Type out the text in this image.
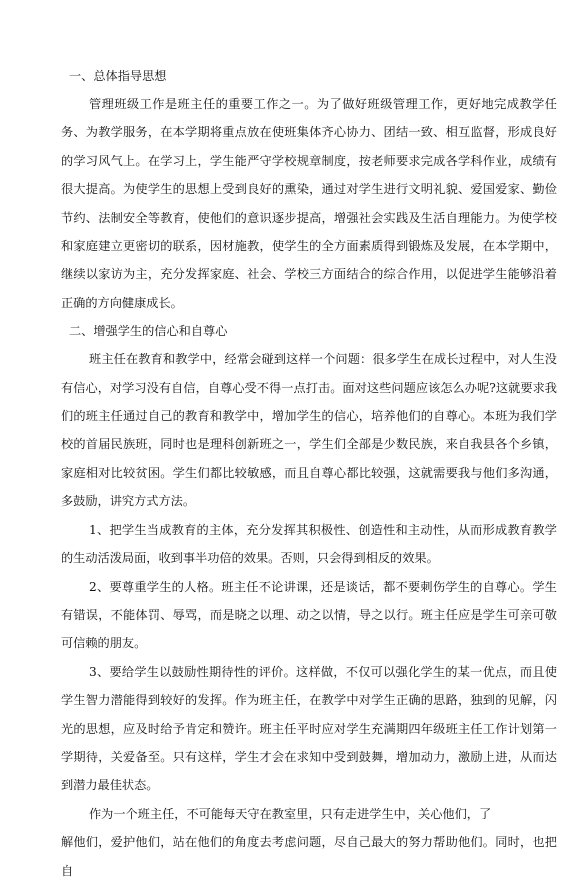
一、总体指导思想

管理班级工作是班主任的重要工作之一。为了做好班级管理工作，更好地完成教学任务、为教学服务，在本学期将重点放在使班集体齐心协力、团结一致、相互监督，形成良好的学习风气上。在学习上，学生能严守学校规章制度，按老师要求完成各学科作业，成绩有很大提高。为使学生的思想上受到良好的熏染，通过对学生进行文明礼貌、爱国爱家、勤俭节约、法制安全等教育，使他们的意识逐步提高，增强社会实践及生活自理能力。为使学校和家庭建立更密切的联系，因材施教，使学生的全方面素质得到锻炼及发展，在本学期中，继续以家访为主，充分发挥家庭、社会、学校三方面结合的综合作用，以促进学生能够沿着正确的方向健康成长。

二、增强学生的信心和自尊心

班主任在教育和教学中，经常会碰到这样一个问题：很多学生在成长过程中，对人生没有信心，对学习没有自信，自尊心受不得一点打击。面对这些问题应该怎么办呢?这就要求我们的班主任通过自己的教育和教学中，增加学生的信心，培养他们的自尊心。本班为我们学校的首届民族班，同时也是理科创新班之一，学生们全部是少数民族，来自我县各个乡镇，家庭相对比较贫困。学生们都比较敏感，而且自尊心都比较强，这就需要我与他们多沟通，多鼓励，讲究方式方法。

1、把学生当成教育的主体，充分发挥其积极性、创造性和主动性，从而形成教育教学的生动活泼局面，收到事半功倍的效果。否则，只会得到相反的效果。

2、要尊重学生的人格。班主任不论讲课，还是谈话，都不要刺伤学生的自尊心。学生有错误，不能体罚、辱骂，而是晓之以理、动之以情，导之以行。班主任应是学生可亲可敬可信赖的朋友。

3、要给学生以鼓励性期待性的评价。这样做，不仅可以强化学生的某一优点，而且使学生智力潜能得到较好的发挥。作为班主任，在教学中对学生正确的思路，独到的见解，闪光的思想，应及时给予肯定和赞许。班主任平时应对学生充满期四年级班主任工作计划第一学期待，关爱备至。只有这样，学生才会在求知中受到鼓舞，增加动力，激励上进，从而达到潜力最佳状态。

作为一个班主任，不可能每天守在教室里，只有走进学生中，关心他们，了

解他们，爱护他们，站在他们的角度去考虑问题，尽自己最大的努力帮助他们。同时，也把自
